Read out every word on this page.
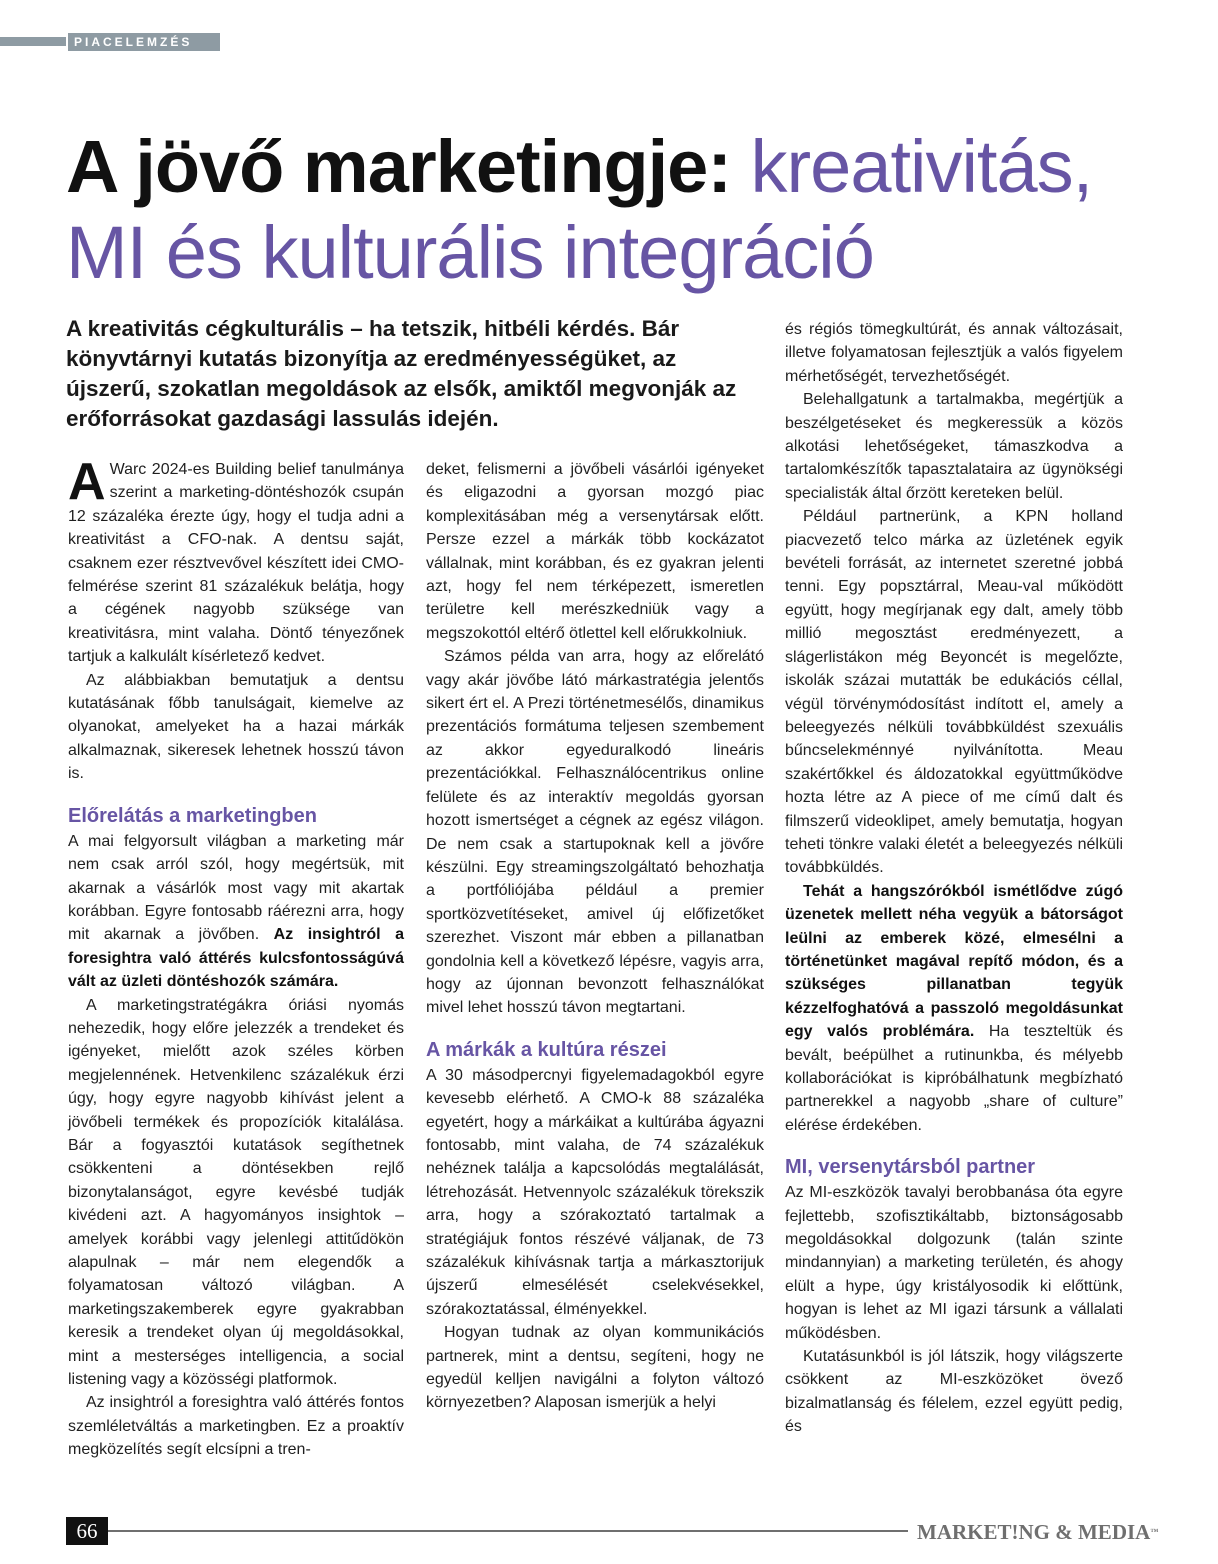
PIACELEMZÉS
A jövő marketingje: kreativitás, MI és kulturális integráció

A kreativitás cégkulturális – ha tetszik, hitbéli kérdés. Bár könyvtárnyi kutatás bizonyítja az eredményességüket, az újszerű, szokatlan megoldások az elsők, amiktől megvonják az erőforrásokat gazdasági lassulás idején.

A Warc 2024-es Building belief tanulmánya szerint a marketing-döntéshozók csupán 12 százaléka érezte úgy, hogy el tudja adni a kreativitást a CFO-nak. A dentsu saját, csaknem ezer résztvevővel készített idei CMO-felmérése szerint 81 százalékuk belátja, hogy a cégének nagyobb szüksége van kreativitásra, mint valaha. Döntő tényezőnek tartjuk a kalkulált kísérletező kedvet.

Az alábbiakban bemutatjuk a dentsu kutatásának főbb tanulságait, kiemelve az olyanokat, amelyeket ha a hazai márkák alkalmaznak, sikeresek lehetnek hosszú távon is.

Előrelátás a marketingben

A mai felgyorsult világban a marketing már nem csak arról szól, hogy megértsük, mit akarnak a vásárlók most vagy mit akartak korábban. Egyre fontosabb ráérezni arra, hogy mit akarnak a jövőben. Az insightról a foresightra való áttérés kulcsfontosságúvá vált az üzleti döntéshozók számára.

A marketingstratégákra óriási nyomás nehezedik, hogy előre jelezzék a trendeket és igényeket, mielőtt azok széles körben megjelennének. Hetvenkilenc százalékuk érzi úgy, hogy egyre nagyobb kihívást jelent a jövőbeli termékek és propozíciók kitalálása. Bár a fogyasztói kutatások segíthetnek csökkenteni a döntésekben rejlő bizonytalanságot, egyre kevésbé tudják kivédeni azt. A hagyományos insightok – amelyek korábbi vagy jelenlegi attitűdökön alapulnak – már nem elegendők a folyamatosan változó világban. A marketingszakemberek egyre gyakrabban keresik a trendeket olyan új megoldásokkal, mint a mesterséges intelligencia, a social listening vagy a közösségi platformok.

Az insightról a foresightra való áttérés fontos szemléletváltás a marketingben. Ez a proaktív megközelítés segít elcsípni a tren-

deket, felismerni a jövőbeli vásárlói igényeket és eligazodni a gyorsan mozgó piac komplexitásában még a versenytársak előtt. Persze ezzel a márkák több kockázatot vállalnak, mint korábban, és ez gyakran jelenti azt, hogy fel nem térképezett, ismeretlen területre kell merészkedniük vagy a megszokottól eltérő ötlettel kell előrukkolniuk.

Számos példa van arra, hogy az előrelátó vagy akár jövőbe látó márkastratégia jelentős sikert ért el. A Prezi történetmesélős, dinamikus prezentációs formátuma teljesen szembement az akkor egyeduralkodó lineáris prezentációkkal. Felhasználócentrikus online felülete és az interaktív megoldás gyorsan hozott ismertséget a cégnek az egész világon. De nem csak a startupoknak kell a jövőre készülni. Egy streamingszolgáltató behozhatja a portfóliójába például a premier sportközvetítéseket, amivel új előfizetőket szerezhet. Viszont már ebben a pillanatban gondolnia kell a következő lépésre, vagyis arra, hogy az újonnan bevonzott felhasználókat mivel lehet hosszú távon megtartani.

A márkák a kultúra részei

A 30 másodpercnyi figyelemadagokból egyre kevesebb elérhető. A CMO-k 88 százaléka egyetért, hogy a márkáikat a kultúrába ágyazni fontosabb, mint valaha, de 74 százalékuk nehéznek találja a kapcsolódás megtalálását, létrehozását. Hetvennyolc százalékuk törekszik arra, hogy a szórakoztató tartalmak a stratégiájuk fontos részévé váljanak, de 73 százalékuk kihívásnak tartja a márkasztorijuk újszerű elmesélését cselekvésekkel, szórakoztatással, élményekkel.

Hogyan tudnak az olyan kommunikációs partnerek, mint a dentsu, segíteni, hogy ne egyedül kelljen navigálni a folyton változó környezetben? Alaposan ismerjük a helyi

és régiós tömegkultúrát, és annak változásait, illetve folyamatosan fejlesztjük a valós figyelem mérhetőségét, tervezhetőségét.

Belehallgatunk a tartalmakba, megértjük a beszélgetéseket és megkeressük a közös alkotási lehetőségeket, támaszkodva a tartalomkészítők tapasztalataira az ügynökségi specialisták által őrzött kereteken belül.

Például partnerünk, a KPN holland piacvezető telco márka az üzletének egyik bevételi forrását, az internetet szeretné jobbá tenni. Egy popsztárral, Meau-val működött együtt, hogy megírjanak egy dalt, amely több millió megosztást eredményezett, a slágerlistákon még Beyoncét is megelőzte, iskolák százai mutatták be edukációs céllal, végül törvénymódosítást indított el, amely a beleegyezés nélküli továbbküldést szexuális bűncselekménnyé nyilvánította. Meau szakértőkkel és áldozatokkal együttműködve hozta létre az A piece of me című dalt és filmszerű videoklipet, amely bemutatja, hogyan teheti tönkre valaki életét a beleegyezés nélküli továbbküldés.

Tehát a hangszórókból ismétlődve zúgó üzenetek mellett néha vegyük a bátorságot leülni az emberek közé, elmesélni a történetünket magával repítő módon, és a szükséges pillanatban tegyük kézzelfoghatóvá a passzoló megoldásunkat egy valós problémára. Ha teszteltük és bevált, beépülhet a rutinunkba, és mélyebb kollaborációkat is kipróbálhatunk megbízható partnerekkel a nagyobb „share of culture” elérése érdekében.

MI, versenytársból partner

Az MI-eszközök tavalyi berobbanása óta egyre fejlettebb, szofisztikáltabb, biztonságosabb megoldásokkal dolgozunk (talán szinte mindannyian) a marketing területén, és ahogy elült a hype, úgy kristályosodik ki előttünk, hogyan is lehet az MI igazi társunk a vállalati működésben.

Kutatásunkból is jól látszik, hogy világszerte csökkent az MI-eszközöket övező bizalmatlanság és félelem, ezzel együtt pedig, és

66	MARKET!NG & MEDIA™
